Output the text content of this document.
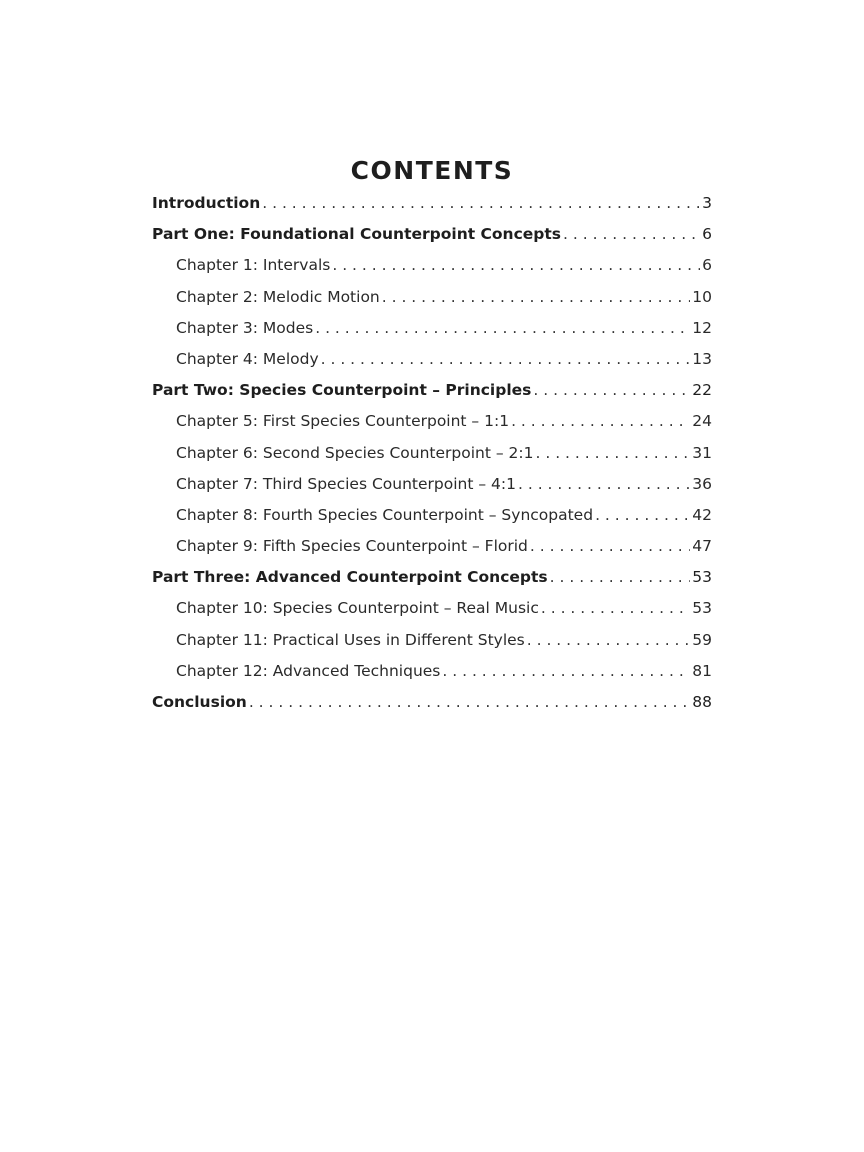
CONTENTS
Introduction . . .	3
Part One: Foundational Counterpoint Concepts . . .	6
Chapter 1: Intervals . . .	6
Chapter 2: Melodic Motion . . .	10
Chapter 3: Modes . . .	12
Chapter 4: Melody . . .	13
Part Two: Species Counterpoint – Principles . . .	22
Chapter 5: First Species Counterpoint – 1:1 . . .	24
Chapter 6: Second Species Counterpoint – 2:1 . . .	31
Chapter 7: Third Species Counterpoint – 4:1 . . .	36
Chapter 8: Fourth Species Counterpoint – Syncopated . . .	42
Chapter 9: Fifth Species Counterpoint – Florid . . .	47
Part Three: Advanced Counterpoint Concepts . . .	53
Chapter 10: Species Counterpoint – Real Music . . .	53
Chapter 11: Practical Uses in Different Styles . . .	59
Chapter 12: Advanced Techniques . . .	81
Conclusion . . .	88
